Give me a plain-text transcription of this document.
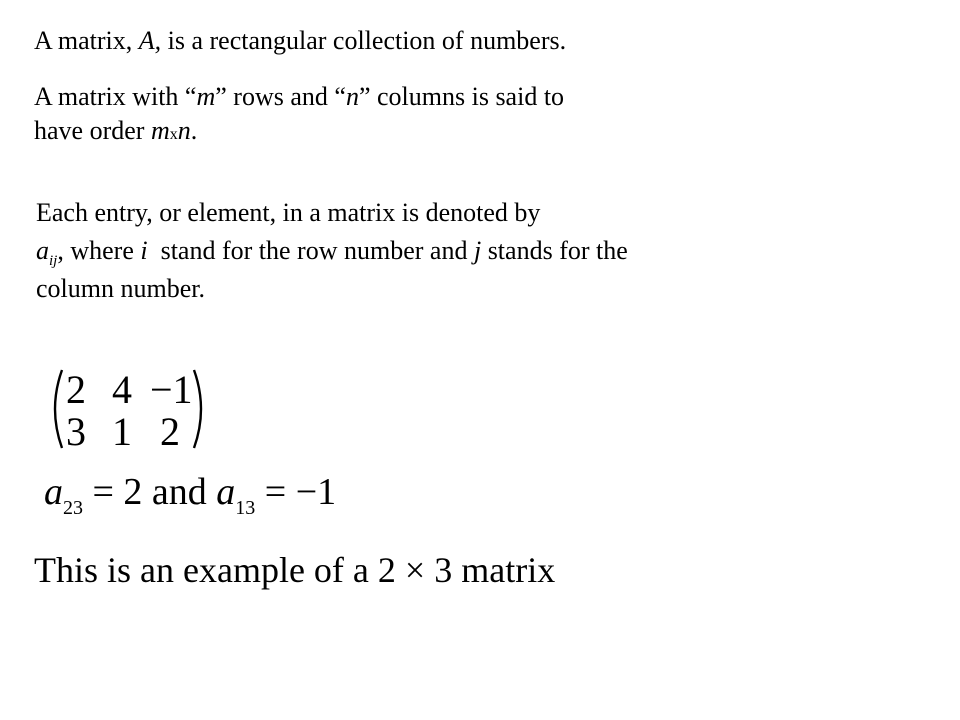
A matrix, A, is a rectangular collection of numbers.
A matrix with “m” rows and “n” columns is said to
have order mxn.
Each entry, or element, in a matrix is denoted by
$a_{ij}$, where i  stand for the row number and j stands for the
column number.
2 4 −1
3 1 2
$a_{23} = 2$ and $a_{13} = -1$
This is an example of a 2 × 3 matrix
